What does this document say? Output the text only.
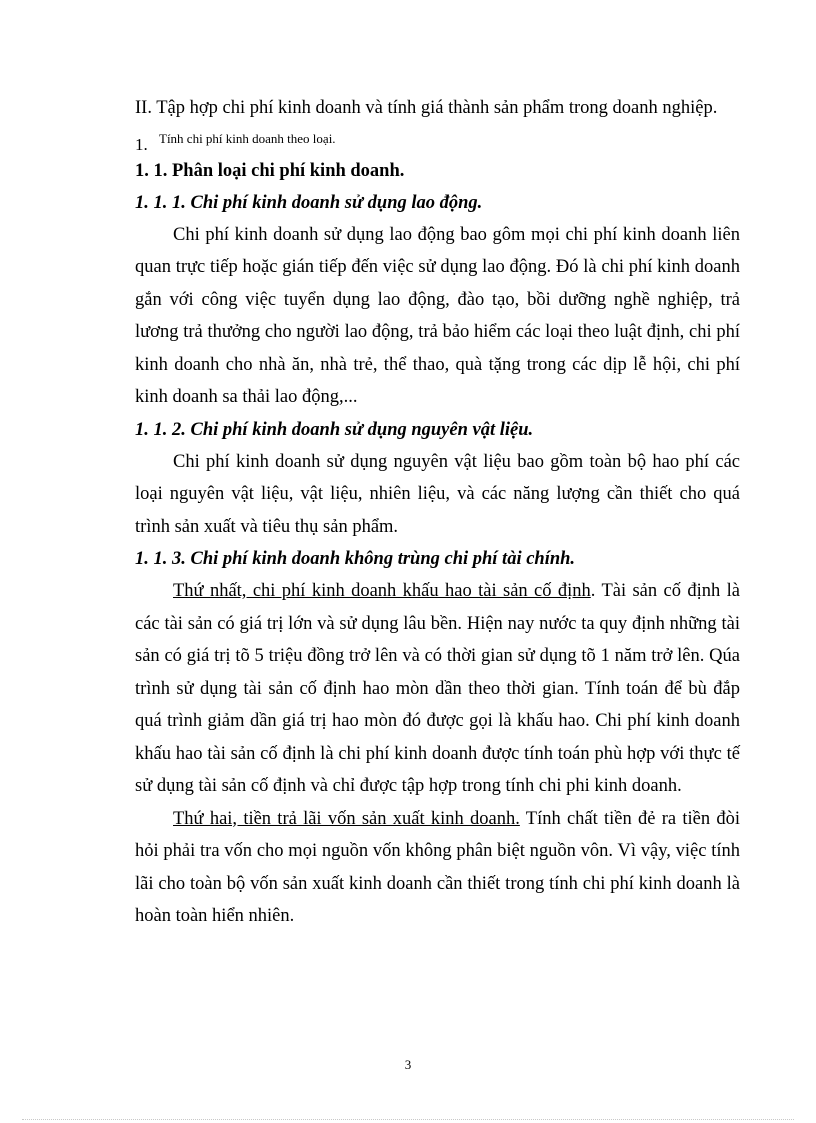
II. Tập hợp chi phí kinh doanh và tính giá thành sản phẩm trong doanh nghiệp.

1. Tính chi phí kinh doanh theo loại.

1. 1. Phân loại chi phí kinh doanh.

1. 1. 1. Chi phí kinh doanh sử dụng lao động.

Chi phí kinh doanh sử dụng lao động bao gôm mọi chi phí kinh doanh liên quan trực tiếp hoặc gián tiếp đến việc sử dụng lao động. Đó là chi phí kinh doanh gắn với công việc tuyển dụng lao động, đào tạo, bồi dưỡng nghề nghiệp, trả lương trả thưởng cho người lao động, trả bảo hiểm các loại theo luật định, chi phí kinh doanh cho nhà ăn, nhà trẻ, thể thao, quà tặng trong các dịp lễ hội, chi phí kinh doanh sa thải lao động,...

1. 1. 2. Chi phí kinh doanh sử dụng nguyên vật liệu.

Chi phí kinh doanh sử dụng nguyên vật liệu bao gồm toàn bộ hao phí các loại nguyên vật liệu, vật liệu, nhiên liệu, và các năng lượng cần thiết cho quá trình sản xuất và tiêu thụ sản phẩm.

1. 1. 3. Chi phí kinh doanh không trùng chi phí tài chính.

Thứ nhất, chi phí kinh doanh khấu hao tài sản cố định. Tài sản cố định là các tài sản có giá trị lớn và sử dụng lâu bền. Hiện nay nước ta quy định những tài sản có giá trị tõ 5 triệu đồng trở lên và có thời gian sử dụng tõ 1 năm trở lên. Qúa trình sử dụng tài sản cố định hao mòn dần theo thời gian. Tính toán để bù đắp quá trình giảm dần giá trị hao mòn đó được gọi là khấu hao. Chi phí kinh doanh khấu hao tài sản cố định là chi phí kinh doanh được tính toán phù hợp với thực tế sử dụng tài sản cố định và chỉ được tập hợp trong tính chi phi kinh doanh.

Thứ hai, tiền trả lãi vốn sản xuất kinh doanh. Tính chất tiền đẻ ra tiền đòi hỏi phải tra vốn cho mọi nguồn vốn không phân biệt nguồn vôn. Vì vậy, việc tính lãi cho toàn bộ vốn sản xuất kinh doanh cần thiết trong tính chi phí kinh doanh là hoàn toàn hiển nhiên.

3
